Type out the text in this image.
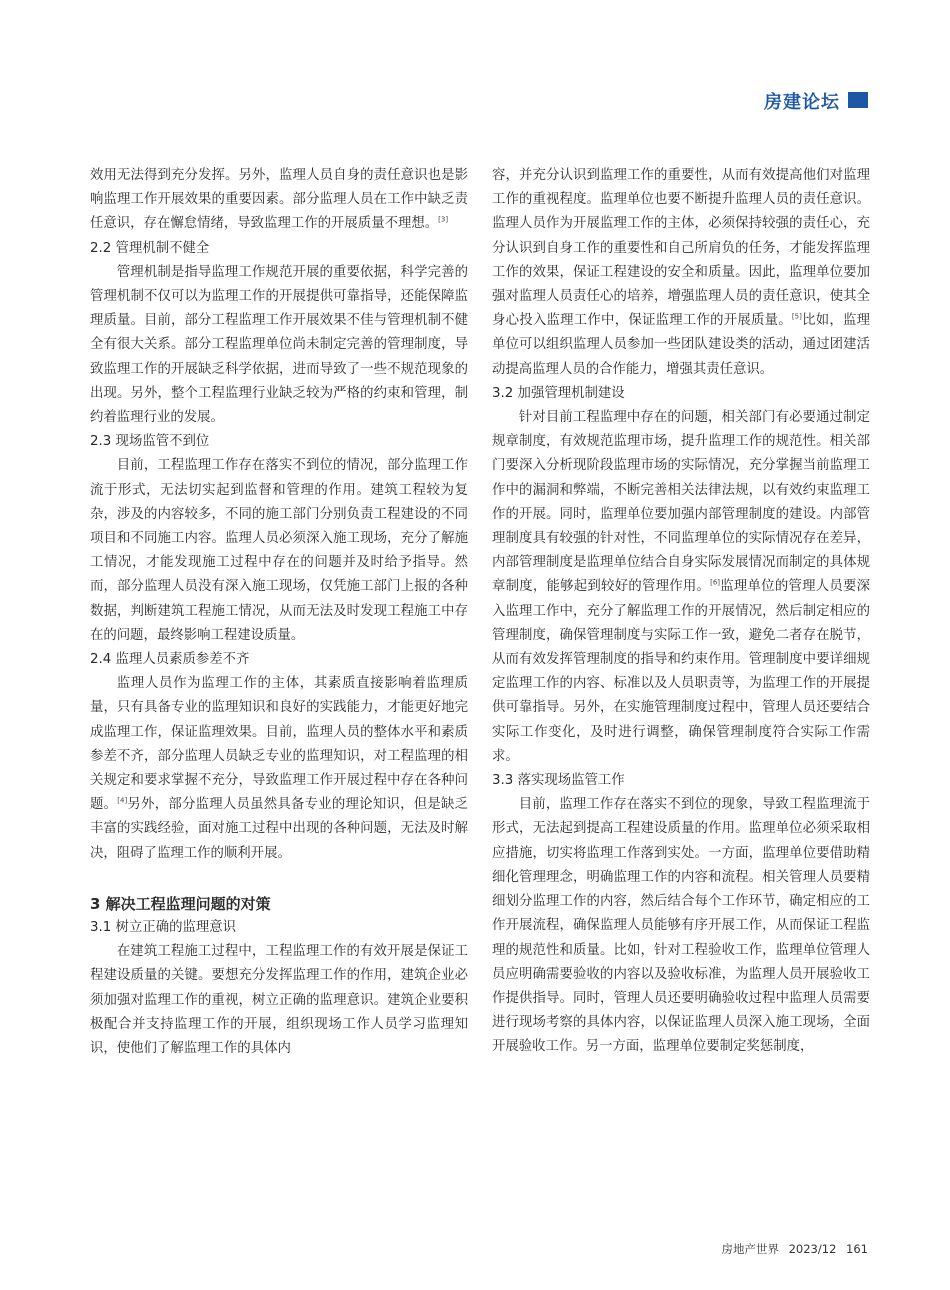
房建论坛

效用无法得到充分发挥。另外，监理人员自身的责任意识也是影响监理工作开展效果的重要因素。部分监理人员在工作中缺乏责任意识，存在懈怠情绪，导致监理工作的开展质量不理想。[3]

2.2 管理机制不健全

管理机制是指导监理工作规范开展的重要依据，科学完善的管理机制不仅可以为监理工作的开展提供可靠指导，还能保障监理质量。目前，部分工程监理工作开展效果不佳与管理机制不健全有很大关系。部分工程监理单位尚未制定完善的管理制度，导致监理工作的开展缺乏科学依据，进而导致了一些不规范现象的出现。另外，整个工程监理行业缺乏较为严格的约束和管理，制约着监理行业的发展。

2.3 现场监管不到位

目前，工程监理工作存在落实不到位的情况，部分监理工作流于形式，无法切实起到监督和管理的作用。建筑工程较为复杂，涉及的内容较多，不同的施工部门分别负责工程建设的不同项目和不同施工内容。监理人员必须深入施工现场，充分了解施工情况，才能发现施工过程中存在的问题并及时给予指导。然而，部分监理人员没有深入施工现场，仅凭施工部门上报的各种数据，判断建筑工程施工情况，从而无法及时发现工程施工中存在的问题，最终影响工程建设质量。

2.4 监理人员素质参差不齐

监理人员作为监理工作的主体，其素质直接影响着监理质量，只有具备专业的监理知识和良好的实践能力，才能更好地完成监理工作，保证监理效果。目前，监理人员的整体水平和素质参差不齐，部分监理人员缺乏专业的监理知识，对工程监理的相关规定和要求掌握不充分，导致监理工作开展过程中存在各种问题。[4]另外，部分监理人员虽然具备专业的理论知识，但是缺乏丰富的实践经验，面对施工过程中出现的各种问题，无法及时解决，阻碍了监理工作的顺利开展。

3 解决工程监理问题的对策
3.1 树立正确的监理意识

在建筑工程施工过程中，工程监理工作的有效开展是保证工程建设质量的关键。要想充分发挥监理工作的作用，建筑企业必须加强对监理工作的重视，树立正确的监理意识。建筑企业要积极配合并支持监理工作的开展，组织现场工作人员学习监理知识，使他们了解监理工作的具体内

容，并充分认识到监理工作的重要性，从而有效提高他们对监理工作的重视程度。监理单位也要不断提升监理人员的责任意识。监理人员作为开展监理工作的主体，必须保持较强的责任心，充分认识到自身工作的重要性和自己所肩负的任务，才能发挥监理工作的效果，保证工程建设的安全和质量。因此，监理单位要加强对监理人员责任心的培养，增强监理人员的责任意识，使其全身心投入监理工作中，保证监理工作的开展质量。[5]比如，监理单位可以组织监理人员参加一些团队建设类的活动，通过团建活动提高监理人员的合作能力，增强其责任意识。

3.2 加强管理机制建设

针对目前工程监理中存在的问题，相关部门有必要通过制定规章制度，有效规范监理市场，提升监理工作的规范性。相关部门要深入分析现阶段监理市场的实际情况，充分掌握当前监理工作中的漏洞和弊端，不断完善相关法律法规，以有效约束监理工作的开展。同时，监理单位要加强内部管理制度的建设。内部管理制度具有较强的针对性，不同监理单位的实际情况存在差异，内部管理制度是监理单位结合自身实际发展情况而制定的具体规章制度，能够起到较好的管理作用。[6]监理单位的管理人员要深入监理工作中，充分了解监理工作的开展情况，然后制定相应的管理制度，确保管理制度与实际工作一致，避免二者存在脱节，从而有效发挥管理制度的指导和约束作用。管理制度中要详细规定监理工作的内容、标准以及人员职责等，为监理工作的开展提供可靠指导。另外，在实施管理制度过程中，管理人员还要结合实际工作变化，及时进行调整，确保管理制度符合实际工作需求。

3.3 落实现场监管工作

目前，监理工作存在落实不到位的现象，导致工程监理流于形式，无法起到提高工程建设质量的作用。监理单位必须采取相应措施，切实将监理工作落到实处。一方面，监理单位要借助精细化管理理念，明确监理工作的内容和流程。相关管理人员要精细划分监理工作的内容，然后结合每个工作环节，确定相应的工作开展流程，确保监理人员能够有序开展工作，从而保证工程监理的规范性和质量。比如，针对工程验收工作，监理单位管理人员应明确需要验收的内容以及验收标准，为监理人员开展验收工作提供指导。同时，管理人员还要明确验收过程中监理人员需要进行现场考察的具体内容，以保证监理人员深入施工现场，全面开展验收工作。另一方面，监理单位要制定奖惩制度，

房地产世界 2023/12 161
